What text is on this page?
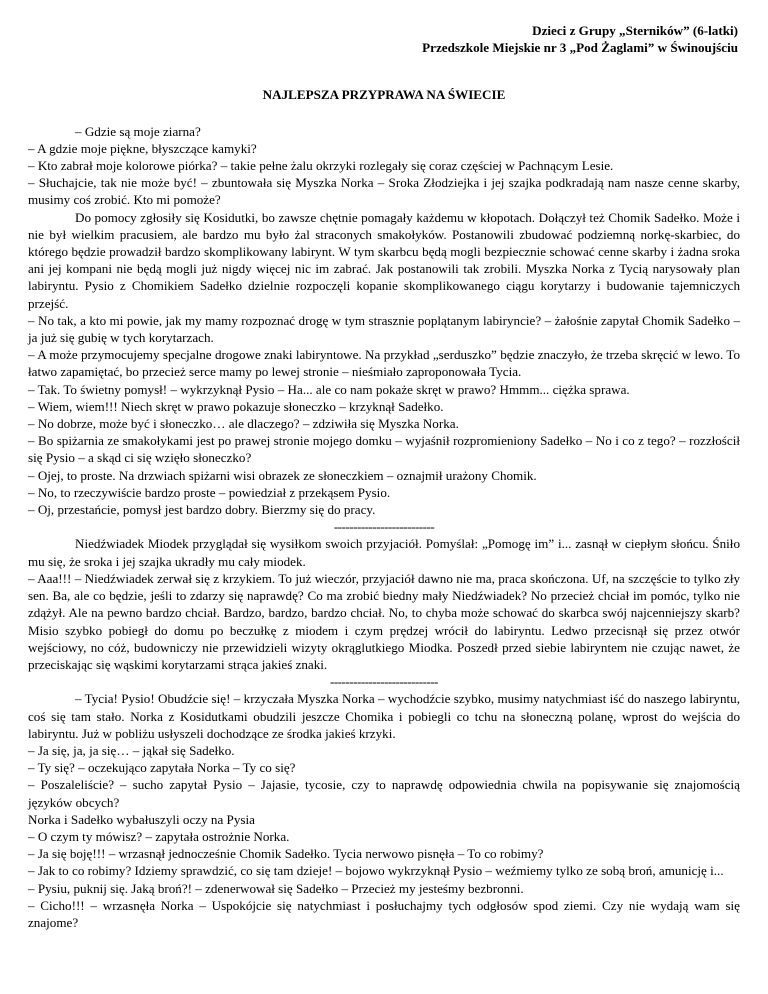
Dzieci z Grupy „Sterników” (6-latki)
Przedszkole Miejskie nr 3 „Pod Żaglami” w Świnoujściu
NAJLEPSZA PRZYPRAWA NA ŚWIECIE

– Gdzie są moje ziarna?

– A gdzie moje piękne, błyszczące kamyki?

– Kto zabrał moje kolorowe piórka? – takie pełne żalu okrzyki rozlegały się coraz częściej w Pachnącym Lesie.

– Słuchajcie, tak nie może być! – zbuntowała się Myszka Norka – Sroka Złodziejka i jej szajka podkradają nam nasze cenne skarby, musimy coś zrobić. Kto mi pomoże?

Do pomocy zgłosiły się Kosidutki, bo zawsze chętnie pomagały każdemu w kłopotach. Dołączył też Chomik Sadełko. Może i nie był wielkim pracusiem, ale bardzo mu było żal straconych smakołyków. Postanowili zbudować podziemną norkę-skarbiec, do którego będzie prowadził bardzo skomplikowany labirynt. W tym skarbcu będą mogli bezpiecznie schować cenne skarby i żadna sroka ani jej kompani nie będą mogli już nigdy więcej nic im zabrać. Jak postanowili tak zrobili. Myszka Norka z Tycią narysowały plan labiryntu. Pysio z Chomikiem Sadełko dzielnie rozpoczęli kopanie skomplikowanego ciągu korytarzy i budowanie tajemniczych przejść.

– No tak, a kto mi powie, jak my mamy rozpoznać drogę w tym strasznie poplątanym labiryncie? – żałośnie zapytał Chomik Sadełko – ja już się gubię w tych korytarzach.

– A może przymocujemy specjalne drogowe znaki labiryntowe. Na przykład „serduszko” będzie znaczyło, że trzeba skręcić w lewo. To łatwo zapamiętać, bo przecież serce mamy po lewej stronie – nieśmiało zaproponowała Tycia.

– Tak. To świetny pomysł! – wykrzyknął Pysio – Ha... ale co nam pokaże skręt w prawo? Hmmm... ciężka sprawa.

– Wiem, wiem!!! Niech skręt w prawo pokazuje słoneczko – krzyknął Sadełko.

– No dobrze, może być i słoneczko… ale dlaczego? – zdziwiła się Myszka Norka.

– Bo spiżarnia ze smakołykami jest po prawej stronie mojego domku – wyjaśnił rozpromieniony Sadełko – No i co z tego? – rozzłościł się Pysio – a skąd ci się wzięło słoneczko?

– Ojej, to proste. Na drzwiach spiżarni wisi obrazek ze słoneczkiem – oznajmił urażony Chomik.

– No, to rzeczywiście bardzo proste – powiedział z przekąsem Pysio.

– Oj, przestańcie, pomysł jest bardzo dobry. Bierzmy się do pracy.

--------------------------

Niedźwiadek Miodek przyglądał się wysiłkom swoich przyjaciół. Pomyślał: „Pomogę im” i... zasnął w ciepłym słońcu. Śniło mu się, że sroka i jej szajka ukradły mu cały miodek.

– Aaa!!! – Niedźwiadek zerwał się z krzykiem. To już wieczór, przyjaciół dawno nie ma, praca skończona. Uf, na szczęście to tylko zły sen. Ba, ale co będzie, jeśli to zdarzy się naprawdę? Co ma zrobić biedny mały Niedźwiadek? No przecież chciał im pomóc, tylko nie zdążył. Ale na pewno bardzo chciał. Bardzo, bardzo, bardzo chciał. No, to chyba może schować do skarbca swój najcenniejszy skarb? Misio szybko pobiegł do domu po beczułkę z miodem i czym prędzej wrócił do labiryntu. Ledwo przecisnął się przez otwór wejściowy, no cóż, budowniczy nie przewidzieli wizyty okrąglutkiego Miodka. Poszedł przed siebie labiryntem nie czując nawet, że przeciskając się wąskimi korytarzami strąca jakieś znaki.

----------------------------

– Tycia! Pysio! Obudźcie się! – krzyczała Myszka Norka – wychodźcie szybko, musimy natychmiast iść do naszego labiryntu, coś się tam stało. Norka z Kosidutkami obudzili jeszcze Chomika i pobiegli co tchu na słoneczną polanę, wprost do wejścia do labiryntu. Już w pobliżu usłyszeli dochodzące ze środka jakieś krzyki.

– Ja się, ja, ja się… – jąkał się Sadełko.

– Ty się? – oczekująco zapytała Norka – Ty co się?

– Poszaleliście? – sucho zapytał Pysio – Jajasie, tycosie, czy to naprawdę odpowiednia chwila na popisywanie się znajomością języków obcych?

Norka i Sadełko wybałuszyli oczy na Pysia

– O czym ty mówisz? – zapytała ostrożnie Norka.

– Ja się boję!!! – wrzasnął jednocześnie Chomik Sadełko. Tycia nerwowo pisnęła – To co robimy?

– Jak to co robimy? Idziemy sprawdzić, co się tam dzieje! – bojowo wykrzyknął Pysio – weźmiemy tylko ze sobą broń, amunicję i...

– Pysiu, puknij się. Jaką broń?! – zdenerwował się Sadełko – Przecież my jesteśmy bezbronni.

– Cicho!!! – wrzasnęła Norka – Uspokójcie się natychmiast i posłuchajmy tych odgłosów spod ziemi. Czy nie wydają wam się znajome?
